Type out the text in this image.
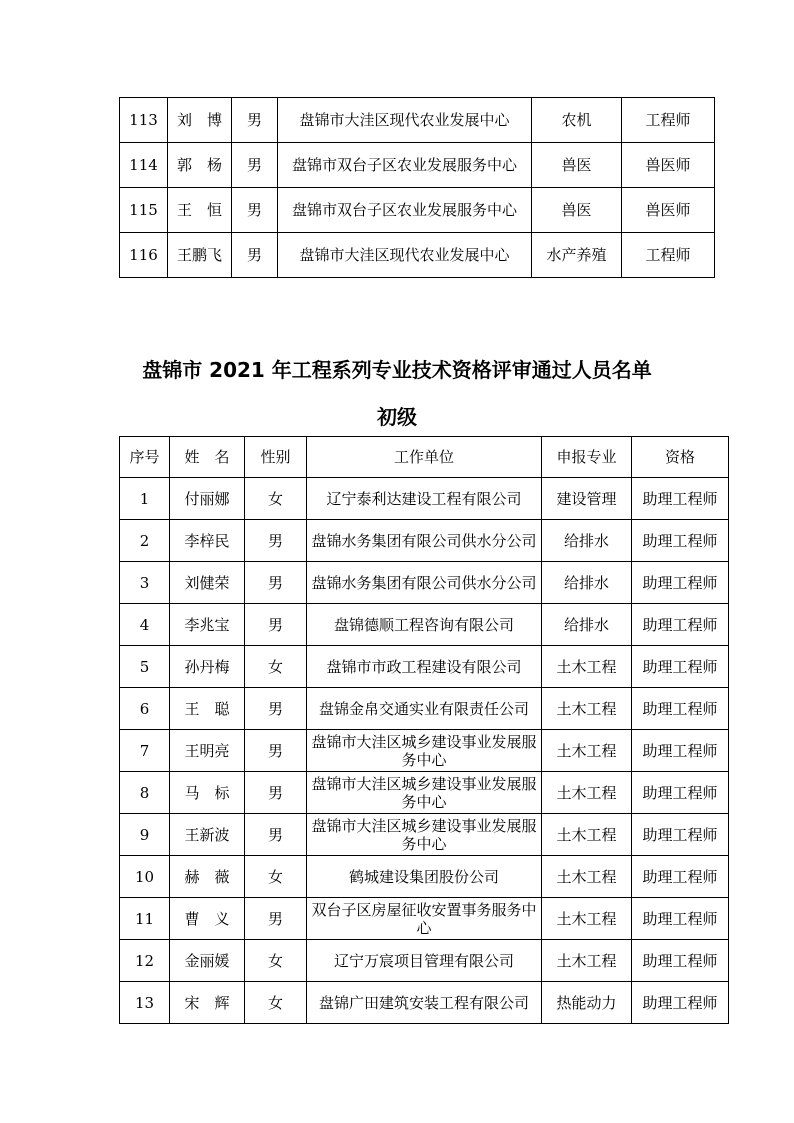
113	刘　博	男	盘锦市大洼区现代农业发展中心	农机	工程师
114	郭　杨	男	盘锦市双台子区农业发展服务中心	兽医	兽医师
115	王　恒	男	盘锦市双台子区农业发展服务中心	兽医	兽医师
116	王鹏飞	男	盘锦市大洼区现代农业发展中心	水产养殖	工程师
盘锦市 2021 年工程系列专业技术资格评审通过人员名单
初级
序号	姓　名	性别	工作单位	申报专业	资格
1	付丽娜	女	辽宁泰利达建设工程有限公司	建设管理	助理工程师
2	李梓民	男	盘锦水务集团有限公司供水分公司	给排水	助理工程师
3	刘健荣	男	盘锦水务集团有限公司供水分公司	给排水	助理工程师
4	李兆宝	男	盘锦德顺工程咨询有限公司	给排水	助理工程师
5	孙丹梅	女	盘锦市市政工程建设有限公司	土木工程	助理工程师
6	王　聪	男	盘锦金帛交通实业有限责任公司	土木工程	助理工程师
7	王明亮	男	盘锦市大洼区城乡建设事业发展服务中心	土木工程	助理工程师
8	马　标	男	盘锦市大洼区城乡建设事业发展服务中心	土木工程	助理工程师
9	王新波	男	盘锦市大洼区城乡建设事业发展服务中心	土木工程	助理工程师
10	赫　薇	女	鹤城建设集团股份公司	土木工程	助理工程师
11	曹　义	男	双台子区房屋征收安置事务服务中心	土木工程	助理工程师
12	金丽媛	女	辽宁万宸项目管理有限公司	土木工程	助理工程师
13	宋　辉	女	盘锦广田建筑安装工程有限公司	热能动力	助理工程师
